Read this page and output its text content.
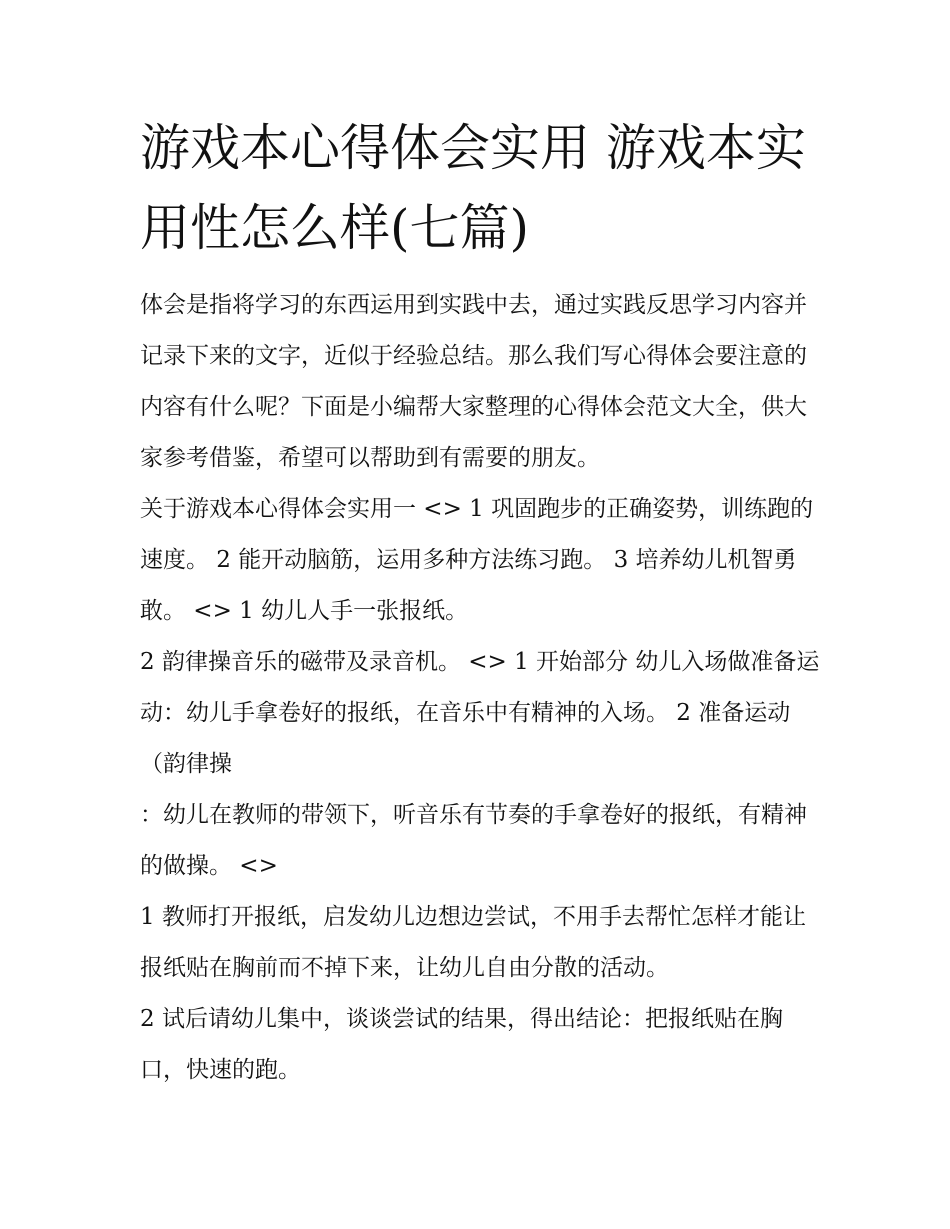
游戏本心得体会实用 游戏本实用性怎么样(七篇)

体会是指将学习的东西运用到实践中去，通过实践反思学习内容并记录下来的文字，近似于经验总结。那么我们写心得体会要注意的内容有什么呢？下面是小编帮大家整理的心得体会范文大全，供大家参考借鉴，希望可以帮助到有需要的朋友。

关于游戏本心得体会实用一 <> 1 巩固跑步的正确姿势，训练跑的速度。 2 能开动脑筋，运用多种方法练习跑。 3 培养幼儿机智勇敢。 <> 1 幼儿人手一张报纸。

2 韵律操音乐的磁带及录音机。 <> 1 开始部分 幼儿入场做准备运动：幼儿手拿卷好的报纸，在音乐中有精神的入场。 2 准备运动（韵律操

：幼儿在教师的带领下，听音乐有节奏的手拿卷好的报纸，有精神的做操。 <>

1 教师打开报纸，启发幼儿边想边尝试，不用手去帮忙怎样才能让报纸贴在胸前而不掉下来，让幼儿自由分散的活动。

2 试后请幼儿集中，谈谈尝试的结果，得出结论：把报纸贴在胸口，快速的跑。
